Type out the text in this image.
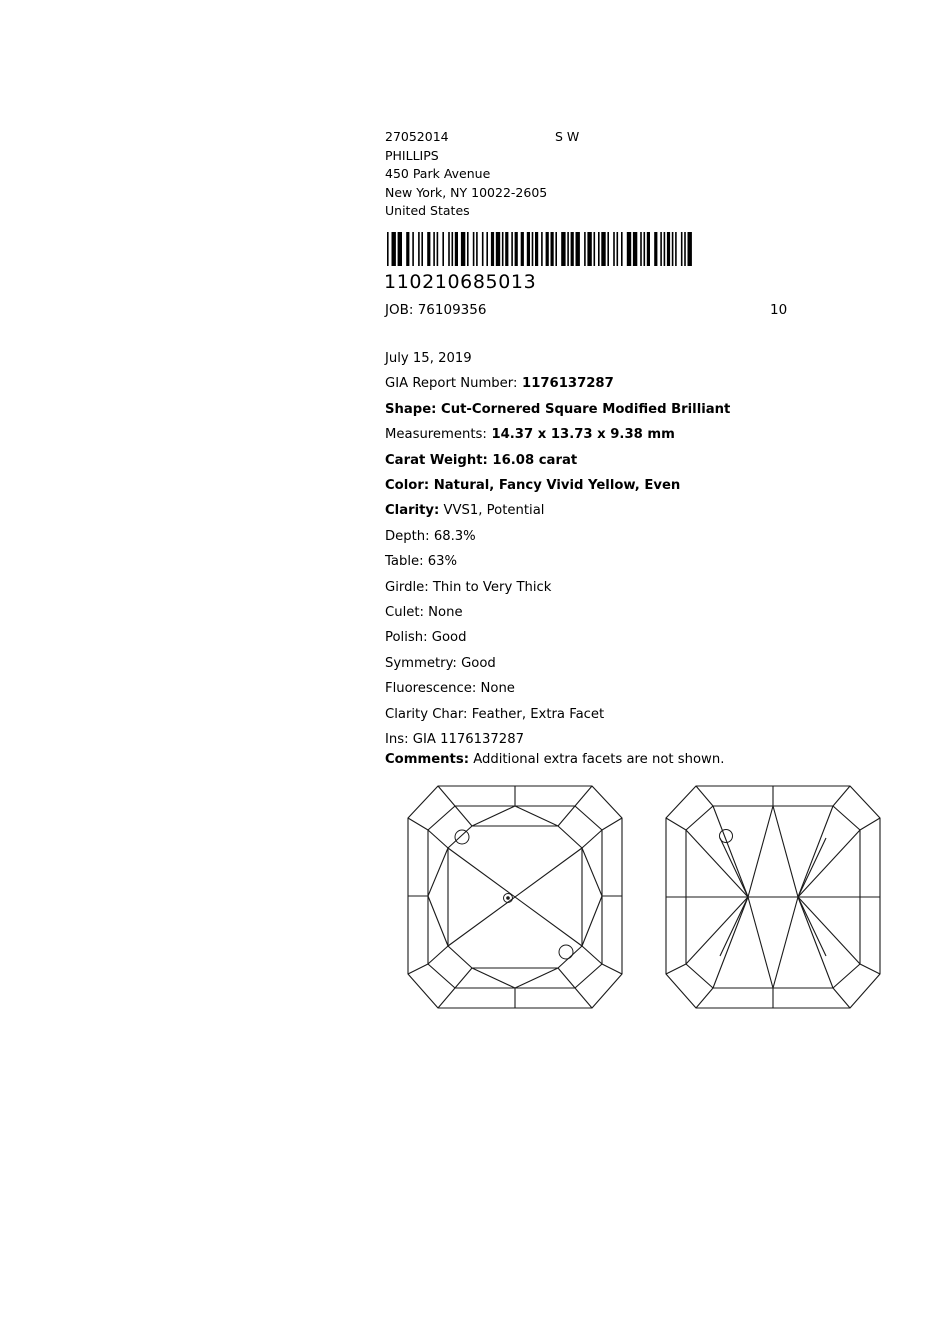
27052014	S W
PHILLIPS
450 Park Avenue
New York, NY 10022-2605
United States
110210685013
JOB: 76109356	10
July 15, 2019
GIA Report Number: 1176137287
Shape: Cut-Cornered Square Modified Brilliant
Measurements: 14.37 x 13.73 x 9.38 mm
Carat Weight: 16.08 carat
Color: Natural, Fancy Vivid Yellow, Even
Clarity: VVS1, Potential
Depth: 68.3%
Table: 63%
Girdle: Thin to Very Thick
Culet: None
Polish: Good
Symmetry: Good
Fluorescence: None
Clarity Char: Feather, Extra Facet
Ins: GIA 1176137287
Comments: Additional extra facets are not shown.
